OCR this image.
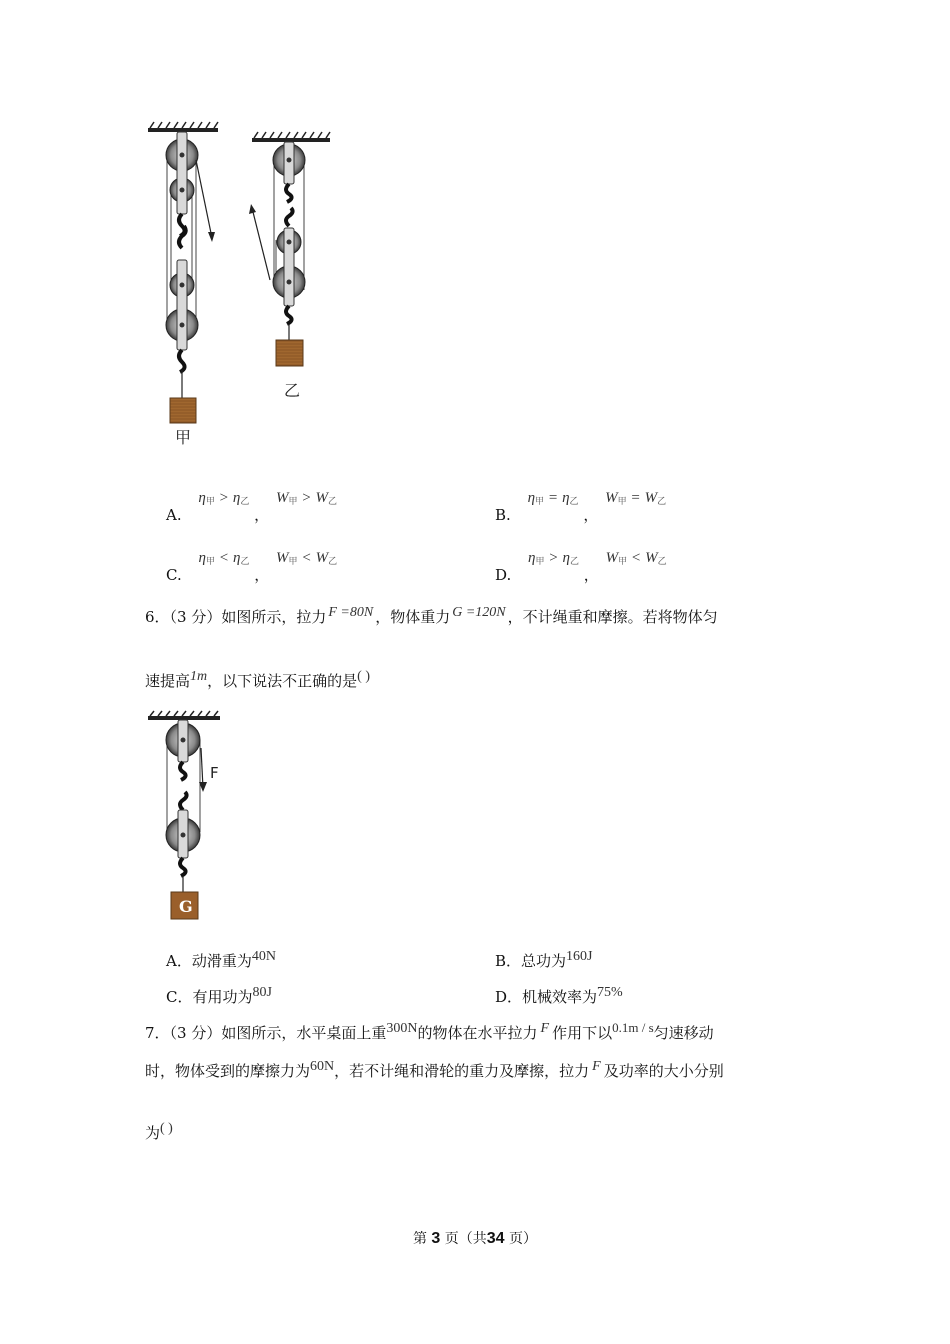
甲
乙
A. $\eta_甲 > \eta_乙$ ， $W_甲 > W_乙$
B. $\eta_甲 = \eta_乙$ ， $W_甲 = W_乙$
C. $\eta_甲 < \eta_乙$ ， $W_甲 < W_乙$
D. $\eta_甲 > \eta_乙$ ， $W_甲 < W_乙$
6．（3 分）如图所示，拉力 F =80N ，物体重力 G =120N ，不计绳重和摩擦。若将物体匀
速提高1m，以下说法不正确的是( )
F
G
A．动滑重为40N	B．总功为160J
C．有用功为80J	D．机械效率为75%
7．（3 分）如图所示，水平桌面上重300N的物体在水平拉力 F 作用下以0.1m / s匀速移动
时，物体受到的摩擦力为60N，若不计绳和滑轮的重力及摩擦，拉力 F 及功率的大小分别
为( )
第 3 页（共34 页）
